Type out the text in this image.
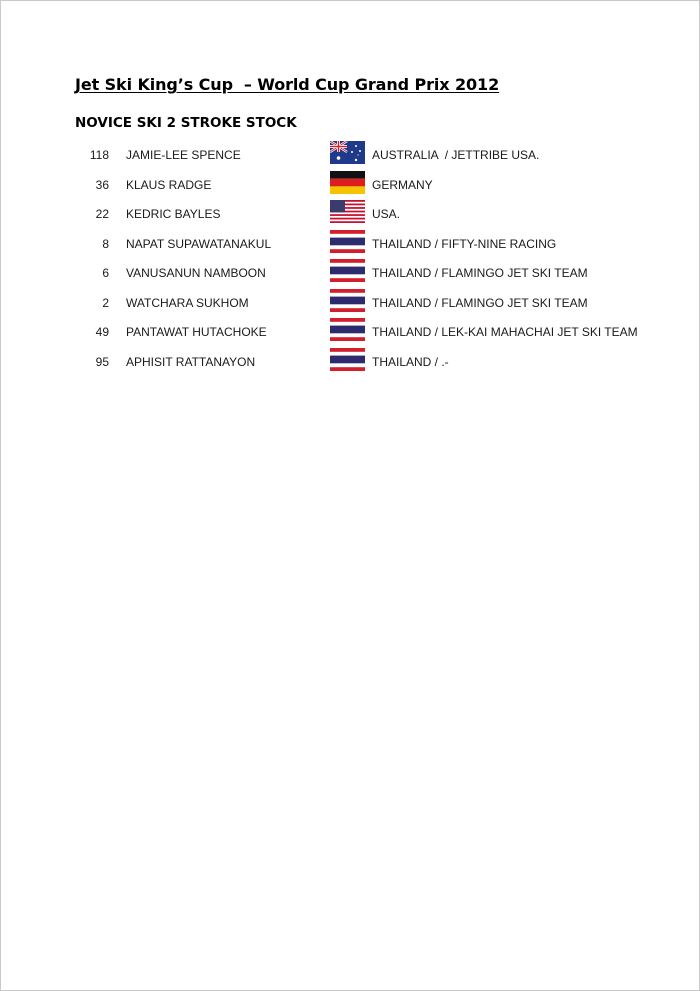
Jet Ski King’s Cup  – World Cup Grand Prix 2012
NOVICE SKI 2 STROKE STOCK
118 JAMIE-LEE SPENCE	AUSTRALIA  / JETTRIBE USA.
36 KLAUS RADGE	GERMANY
22 KEDRIC BAYLES	USA.
8 NAPAT SUPAWATANAKUL	THAILAND / FIFTY-NINE RACING
6 VANUSANUN NAMBOON	THAILAND / FLAMINGO JET SKI TEAM
2 WATCHARA SUKHOM	THAILAND / FLAMINGO JET SKI TEAM
49 PANTAWAT HUTACHOKE	THAILAND / LEK-KAI MAHACHAI JET SKI TEAM
95 APHISIT RATTANAYON	THAILAND / .-
